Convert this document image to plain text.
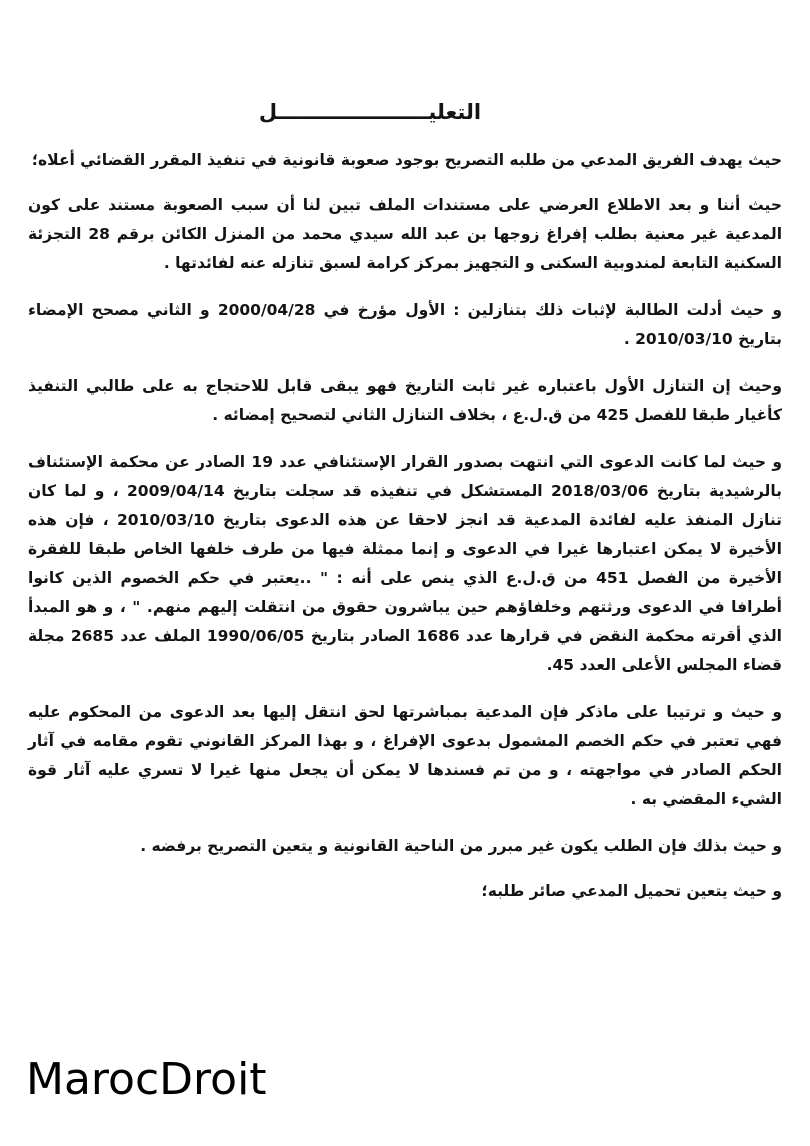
التعليـــــــــــــــــــــل

حيث يهدف الفريق المدعي من طلبه التصريح بوجود صعوبة قانونية في تنفيذ المقرر القضائي أعلاه؛

حيث أننا و بعد الاطلاع العرضي على مستندات الملف تبين لنا أن سبب الصعوبة مستند على كون المدعية غير معنية بطلب إفراغ زوجها بن عبد الله سيدي محمد من المنزل الكائن برقم 28 التجزئة السكنية التابعة لمندوبية السكنى و التجهيز بمركز كرامة لسبق تنازله عنه لفائدتها .

و حيث أدلت الطالبة لإثبات ذلك بتنازلين : الأول مؤرخ في 2000/04/28 و الثاني مصحح الإمضاء بتاريخ 2010/03/10 .

وحيث إن التنازل الأول باعتباره غير ثابت التاريخ فهو يبقى قابل للاحتجاج به على طالبي التنفيذ كأغيار طبقا للفصل 425 من ق.ل.ع ، بخلاف التنازل الثاني لتصحيح إمضائه .

و حيث لما كانت الدعوى التي انتهت بصدور القرار الإستئنافي عدد 19 الصادر عن محكمة الإستئناف بالرشيدية بتاريخ 2018/03/06 المستشكل في تنفيذه قد سجلت بتاريخ 2009/04/14 ، و لما كان تنازل المنفذ عليه لفائدة المدعية قد انجز لاحقا عن هذه الدعوى بتاريخ 2010/03/10 ، فإن هذه الأخيرة لا يمكن اعتبارها غيرا في الدعوى و إنما ممثلة فيها من طرف خلفها الخاص طبقا للفقرة الأخيرة من الفصل 451 من ق.ل.ع الذي ينص على أنه : " ..يعتبر في حكم الخصوم الذين كانوا أطرافا في الدعوى ورثتهم وخلفاؤهم حين يباشرون حقوق من انتقلت إليهم منهم. " ، و هو المبدأ الذي أقرته محكمة النقض في قرارها عدد 1686 الصادر بتاريخ 1990/06/05 الملف عدد 2685 مجلة قضاء المجلس الأعلى العدد 45.

و حيث و ترتيبا على ماذكر فإن المدعية بمباشرتها لحق انتقل إليها بعد الدعوى من المحكوم عليه فهي تعتبر في حكم الخصم المشمول بدعوى الإفراغ ، و بهذا المركز القانوني تقوم مقامه في آثار الحكم الصادر في مواجهته ، و من تم فسندها لا يمكن أن يجعل منها غيرا لا تسري عليه آثار قوة الشيء المقضي به .

و حيث بذلك فإن الطلب يكون غير مبرر من الناحية القانونية و يتعين التصريح برفضه .

و حيث يتعين تحميل المدعي صائر طلبه؛

MarocDroit
